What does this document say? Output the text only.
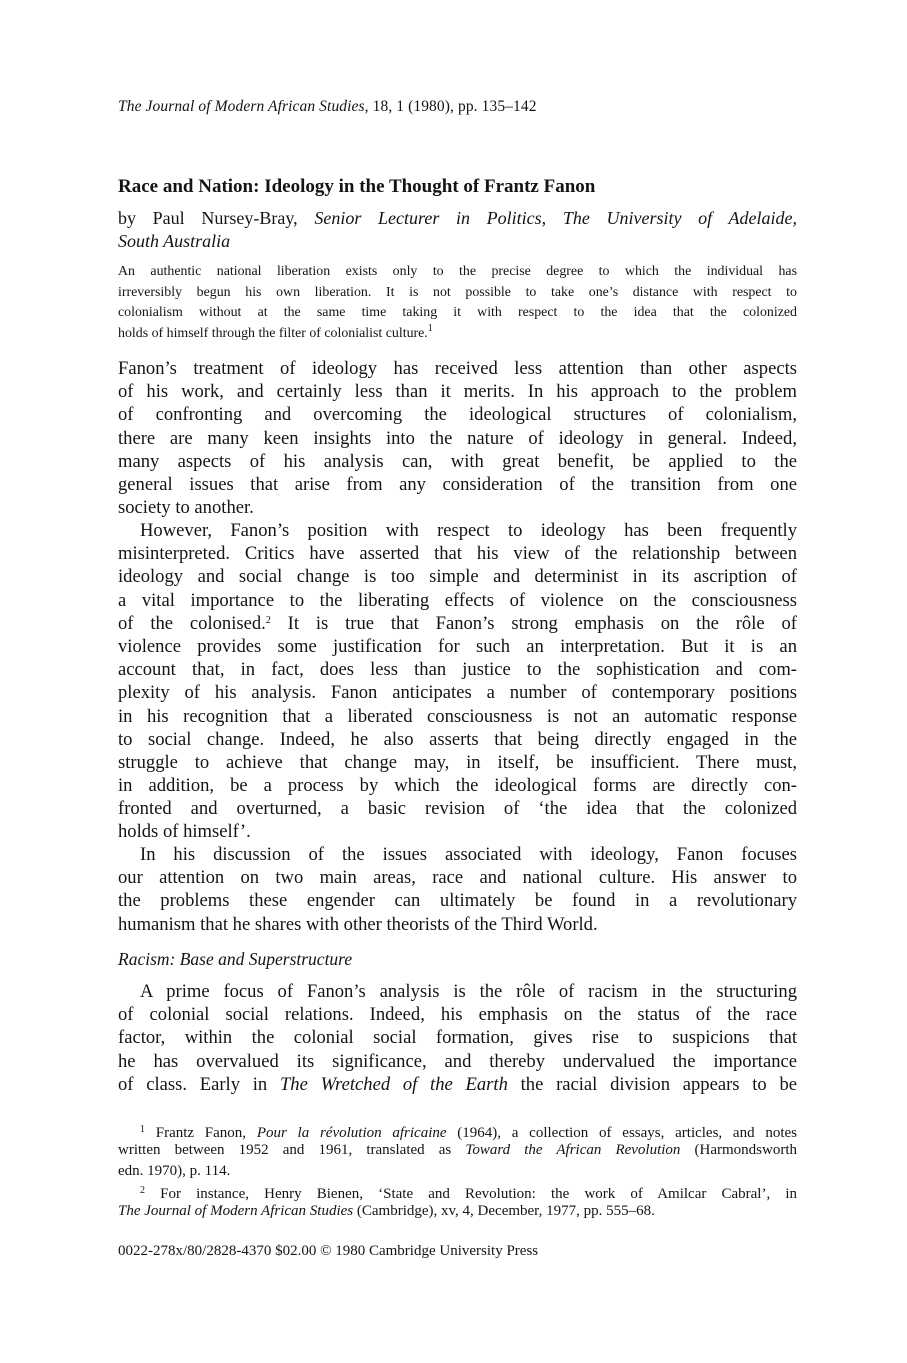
The Journal of Modern African Studies, 18, 1 (1980), pp. 135–142
Race and Nation: Ideology in the Thought of Frantz Fanon
by Paul Nursey-Bray, Senior Lecturer in Politics, The University of Adelaide,
South Australia
An authentic national liberation exists only to the precise degree to which the individual has
irreversibly begun his own liberation. It is not possible to take one’s distance with respect to
colonialism without at the same time taking it with respect to the idea that the colonized
holds of himself through the filter of colonialist culture.$^1$
Fanon’s treatment of ideology has received less attention than other aspects
of his work, and certainly less than it merits. In his approach to the problem
of confronting and overcoming the ideological structures of colonialism,
there are many keen insights into the nature of ideology in general. Indeed,
many aspects of his analysis can, with great benefit, be applied to the
general issues that arise from any consideration of the transition from one
society to another.
However, Fanon’s position with respect to ideology has been frequently
misinterpreted. Critics have asserted that his view of the relationship between
ideology and social change is too simple and determinist in its ascription of
a vital importance to the liberating effects of violence on the consciousness
of the colonised.$^2$ It is true that Fanon’s strong emphasis on the rôle of
violence provides some justification for such an interpretation. But it is an
account that, in fact, does less than justice to the sophistication and com-
plexity of his analysis. Fanon anticipates a number of contemporary positions
in his recognition that a liberated consciousness is not an automatic response
to social change. Indeed, he also asserts that being directly engaged in the
struggle to achieve that change may, in itself, be insufficient. There must,
in addition, be a process by which the ideological forms are directly con-
fronted and overturned, a basic revision of ‘the idea that the colonized
holds of himself’.
In his discussion of the issues associated with ideology, Fanon focuses
our attention on two main areas, race and national culture. His answer to
the problems these engender can ultimately be found in a revolutionary
humanism that he shares with other theorists of the Third World.
Racism: Base and Superstructure
A prime focus of Fanon’s analysis is the rôle of racism in the structuring
of colonial social relations. Indeed, his emphasis on the status of the race
factor, within the colonial social formation, gives rise to suspicions that
he has overvalued its significance, and thereby undervalued the importance
of class. Early in The Wretched of the Earth the racial division appears to be
$^1$ Frantz Fanon, Pour la révolution africaine (1964), a collection of essays, articles, and notes
written between 1952 and 1961, translated as Toward the African Revolution (Harmondsworth
edn. 1970), p. 114.
$^2$ For instance, Henry Bienen, ‘State and Revolution: the work of Amilcar Cabral’, in
The Journal of Modern African Studies (Cambridge), xv, 4, December, 1977, pp. 555–68.
0022-278x/80/2828-4370 $02.00 © 1980 Cambridge University Press
